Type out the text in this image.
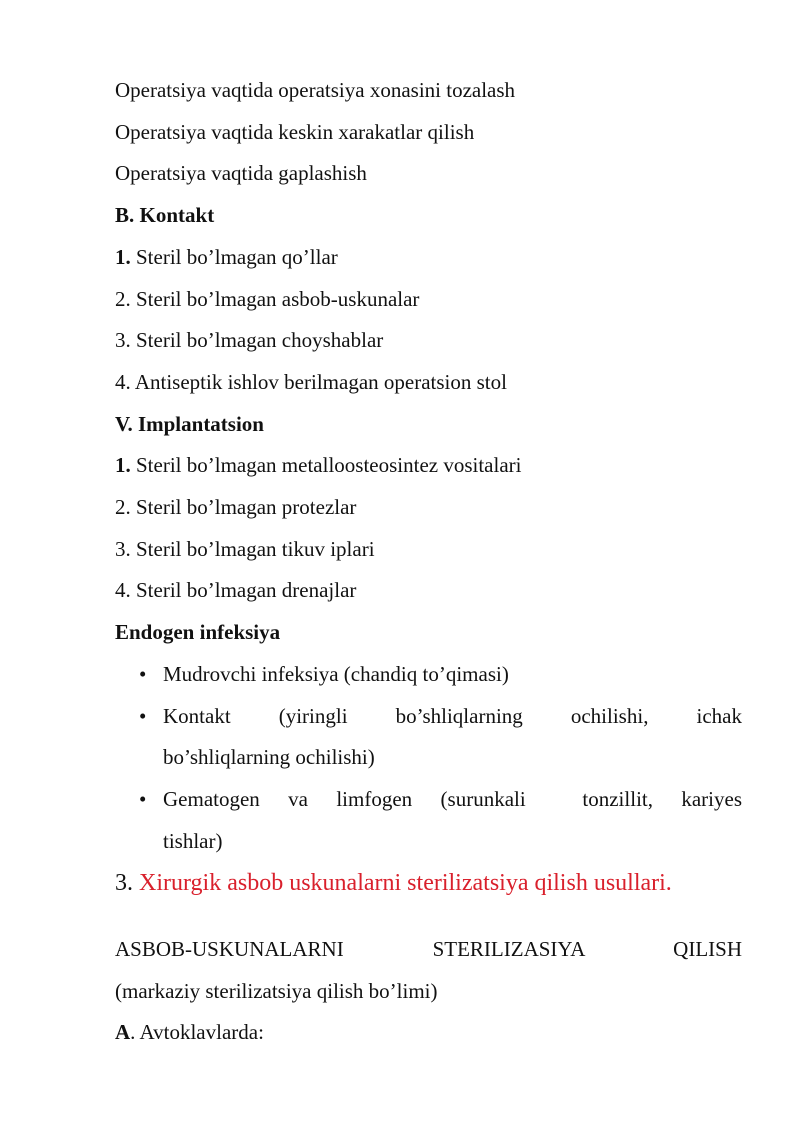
Operatsiya vaqtida operatsiya xonasini tozalash

Operatsiya vaqtida keskin xarakatlar qilish

Operatsiya vaqtida gaplashish

B. Kontakt

1. Steril bo’lmagan qo’llar

2. Steril bo’lmagan asbob-uskunalar

3. Steril bo’lmagan choyshablar

4. Antiseptik ishlov berilmagan operatsion stol

V. Implantatsion

1. Steril bo’lmagan metalloosteosintez vositalari

2. Steril bo’lmagan protezlar

3. Steril bo’lmagan tikuv iplari

4. Steril bo’lmagan drenajlar

Endogen infeksiya

• Mudrovchi infeksiya (chandiq to’qimasi)
• Kontakt (yiringli bo’shliqlarning ochilishi, ichak
bo’shliqlarning ochilishi)
• Gematogen va limfogen (surunkali  tonzillit, kariyes
tishlar)

3. Xirurgik asbob uskunalarni sterilizatsiya qilish usullari.

ASBOB-USKUNALARNI STERILIZASIYA QILISH

(markaziy sterilizatsiya qilish bo’limi)

A. Avtoklavlarda:
